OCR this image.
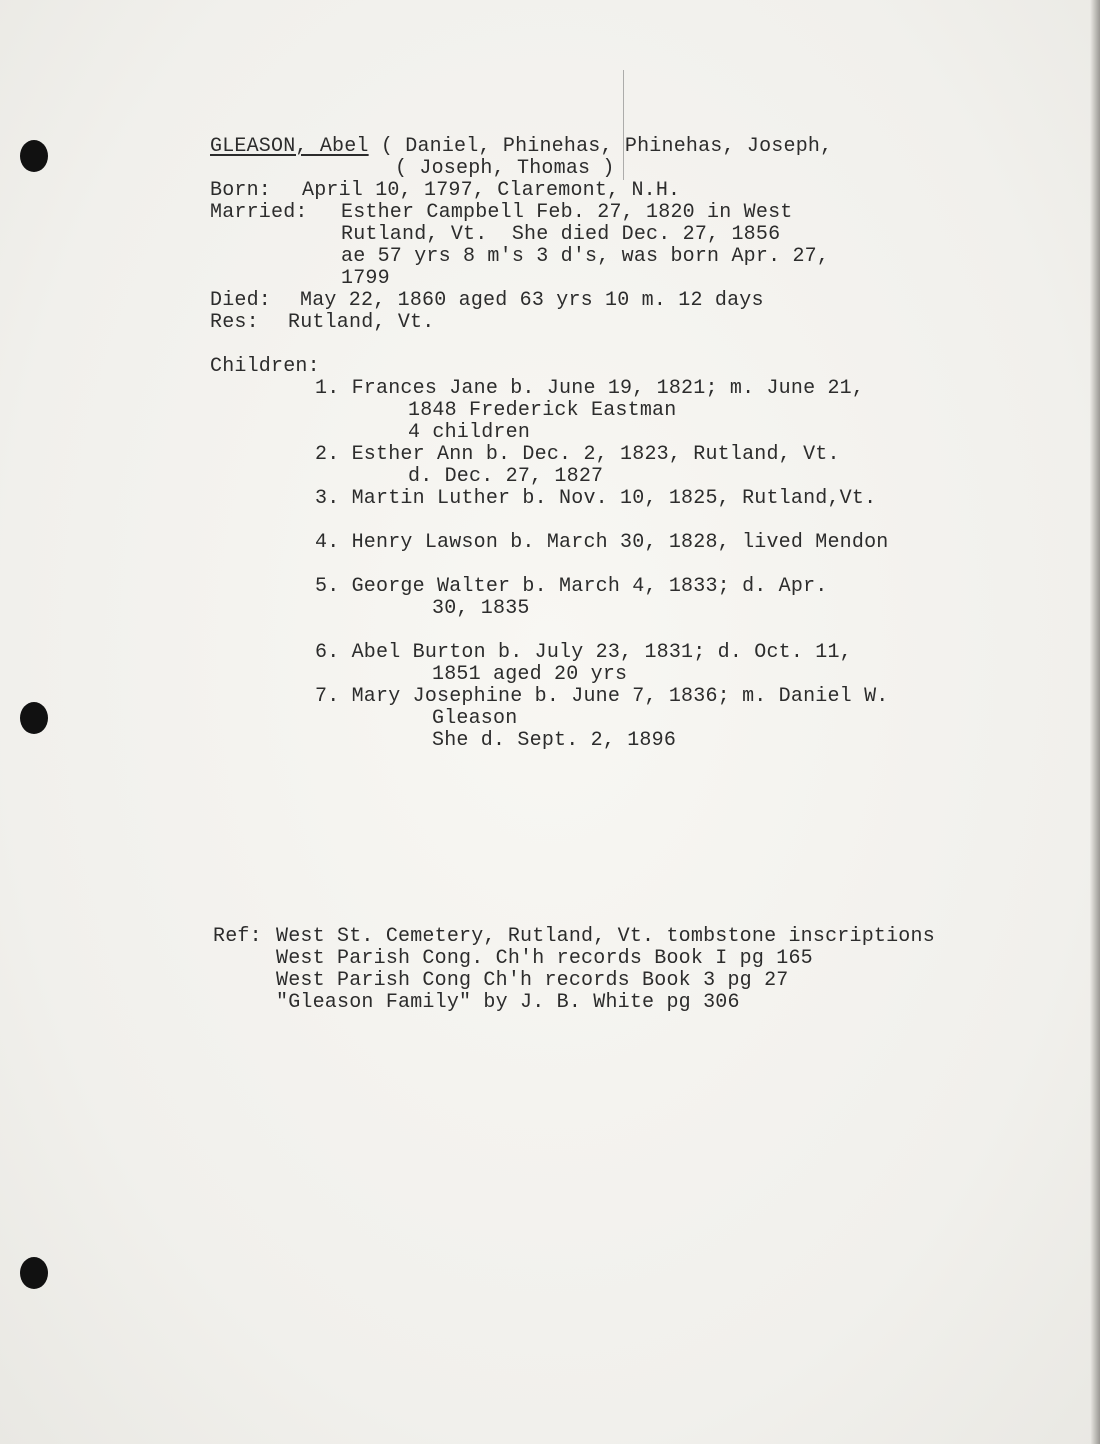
GLEASON, Abel ( Daniel, Phinehas, Phinehas, Joseph,
( Joseph, Thomas )
Born: April 10, 1797, Claremont, N.H.
Married: Esther Campbell Feb. 27, 1820 in West
Rutland, Vt.  She died Dec. 27, 1856
ae 57 yrs 8 m's 3 d's, was born Apr. 27,
1799
Died: May 22, 1860 aged 63 yrs 10 m. 12 days
Res: Rutland, Vt.
Children:
1. Frances Jane b. June 19, 1821; m. June 21,
1848 Frederick Eastman
4 children
2. Esther Ann b. Dec. 2, 1823, Rutland, Vt.
d. Dec. 27, 1827
3. Martin Luther b. Nov. 10, 1825, Rutland,Vt.
4. Henry Lawson b. March 30, 1828, lived Mendon
5. George Walter b. March 4, 1833; d. Apr.
30, 1835
6. Abel Burton b. July 23, 1831; d. Oct. 11,
1851 aged 20 yrs
7. Mary Josephine b. June 7, 1836; m. Daniel W.
Gleason
She d. Sept. 2, 1896
Ref: West St. Cemetery, Rutland, Vt. tombstone inscriptions
West Parish Cong. Ch'h records Book I pg 165
West Parish Cong Ch'h records Book 3 pg 27
"Gleason Family" by J. B. White pg 306
